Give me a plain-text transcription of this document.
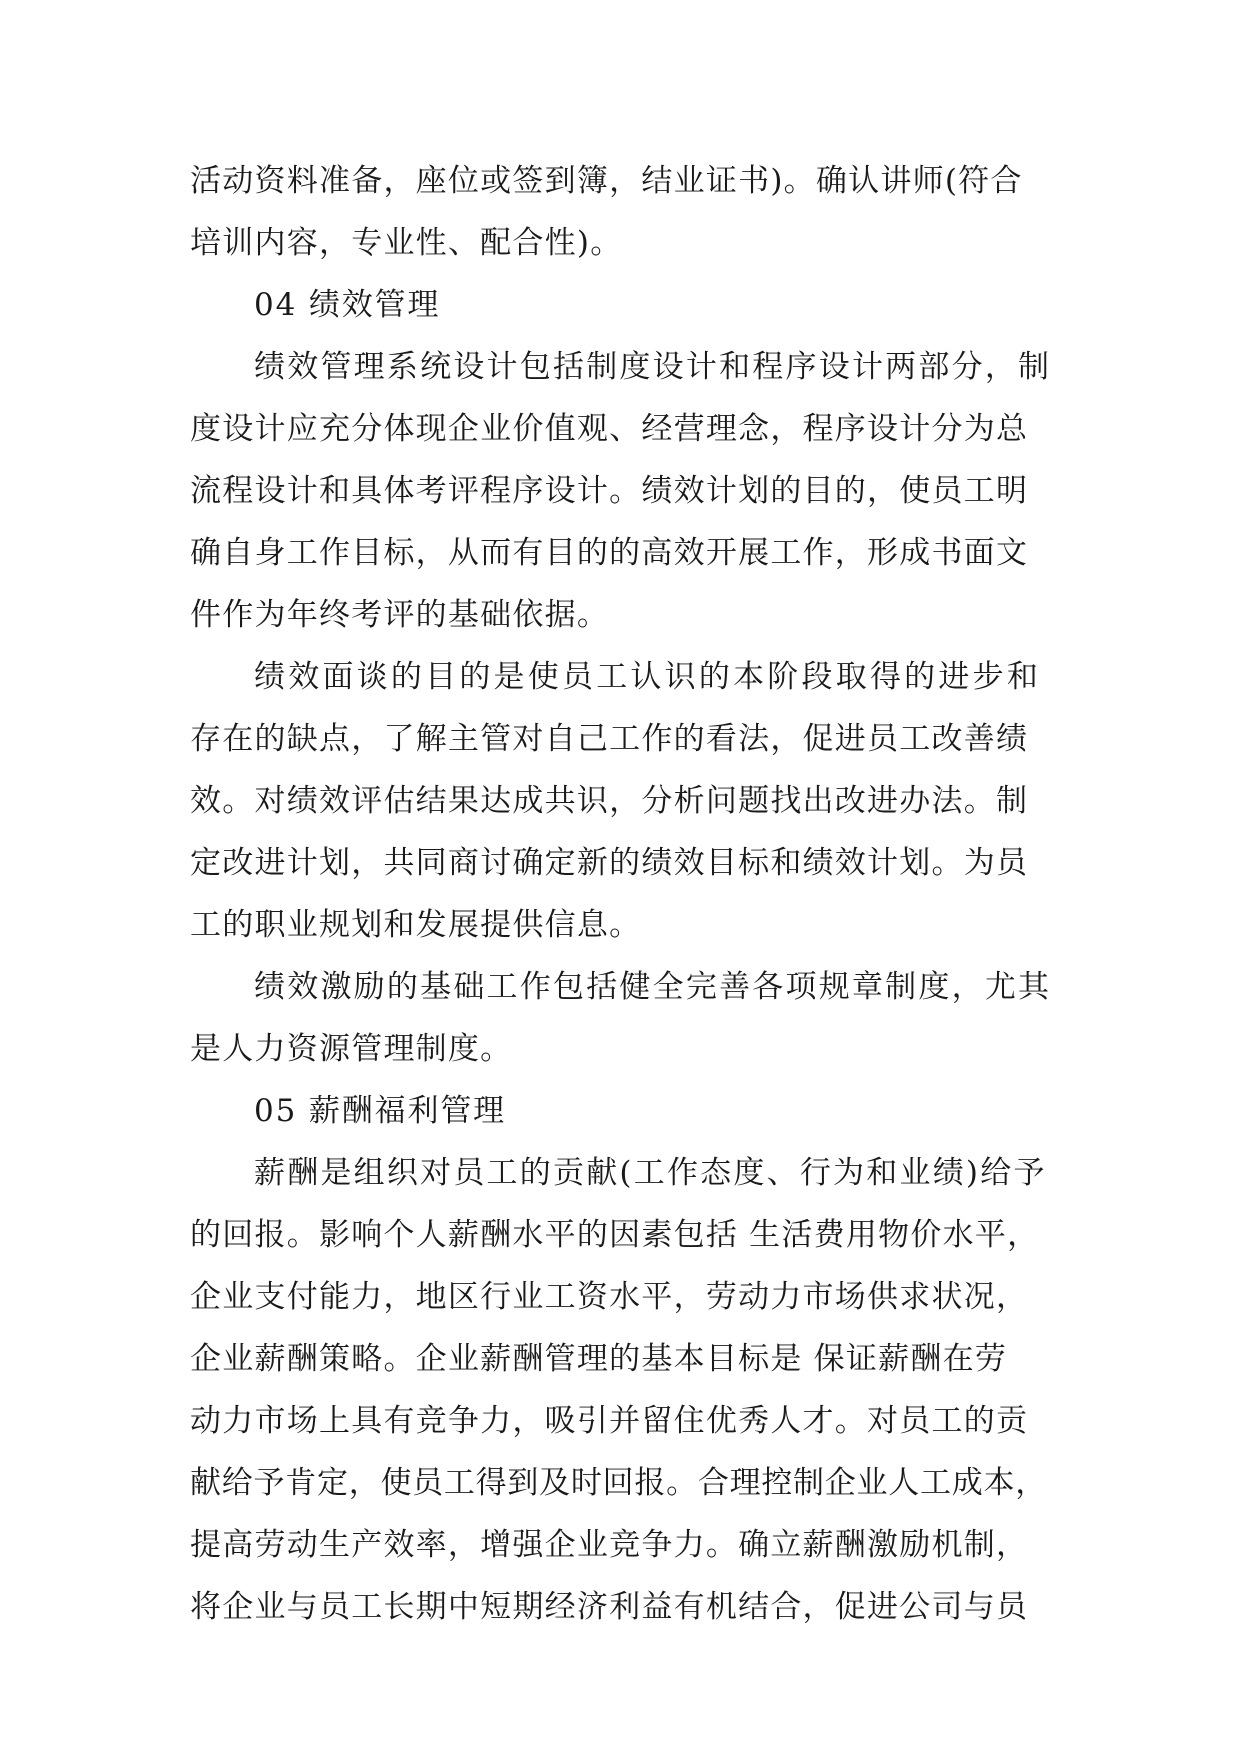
活动资料准备，座位或签到簿，结业证书)。确认讲师(符合
培训内容，专业性、配合性)。
04 绩效管理
绩效管理系统设计包括制度设计和程序设计两部分，制
度设计应充分体现企业价值观、经营理念，程序设计分为总
流程设计和具体考评程序设计。绩效计划的目的，使员工明
确自身工作目标，从而有目的的高效开展工作，形成书面文
件作为年终考评的基础依据。
绩效面谈的目的是使员工认识的本阶段取得的进步和
存在的缺点，了解主管对自己工作的看法，促进员工改善绩
效。对绩效评估结果达成共识，分析问题找出改进办法。制
定改进计划，共同商讨确定新的绩效目标和绩效计划。为员
工的职业规划和发展提供信息。
绩效激励的基础工作包括健全完善各项规章制度，尤其
是人力资源管理制度。
05 薪酬福利管理
薪酬是组织对员工的贡献(工作态度、行为和业绩)给予
的回报。影响个人薪酬水平的因素包括 生活费用物价水平，
企业支付能力，地区行业工资水平，劳动力市场供求状况，
企业薪酬策略。企业薪酬管理的基本目标是 保证薪酬在劳
动力市场上具有竞争力，吸引并留住优秀人才。对员工的贡
献给予肯定，使员工得到及时回报。合理控制企业人工成本，
提高劳动生产效率，增强企业竞争力。确立薪酬激励机制，
将企业与员工长期中短期经济利益有机结合，促进公司与员
